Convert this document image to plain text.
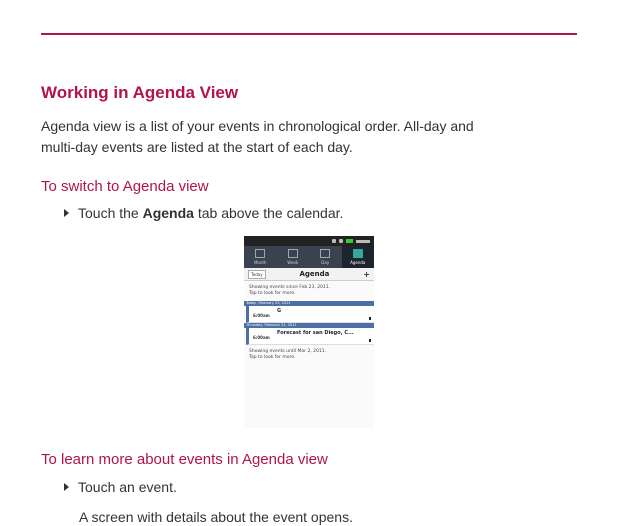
Working in Agenda View
Agenda view is a list of your events in chronological order. All-day and
multi-day events are listed at the start of each day.
To switch to Agenda view
Touch the Agenda tab above the calendar.
Month	Week	Day	Agenda
Today	Agenda	+
Showing events since Feb 23, 2011.
Tap to look for more.
Today, February 23, 2011
6:00am
G
Thursday, February 24, 2011
6:00am
Forecast for san Diego, C...
Showing events until Mar 2, 2011.
Tap to look for more.
To learn more about events in Agenda view
Touch an event.
A screen with details about the event opens.
